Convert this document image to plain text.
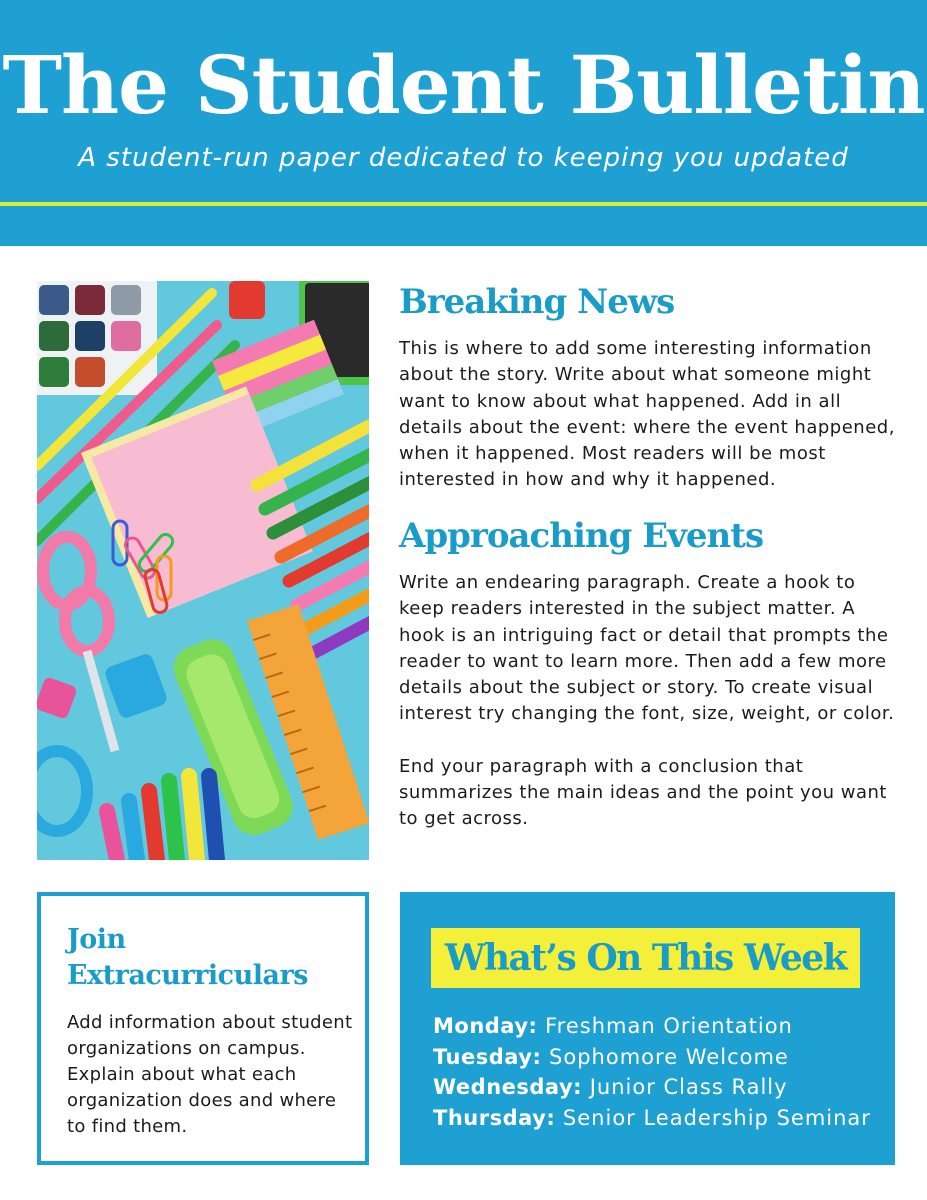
The Student Bulletin
A student-run paper dedicated to keeping you updated
Breaking News
This is where to add some interesting information about the story. Write about what someone might want to know about what happened. Add in all details about the event: where the event happened, when it happened. Most readers will be most interested in how and why it happened.
Approaching Events
Write an endearing paragraph. Create a hook to keep readers interested in the subject matter. A hook is an intriguing fact or detail that prompts the reader to want to learn more. Then add a few more details about the subject or story. To create visual interest try changing the font, size, weight, or color.
End your paragraph with a conclusion that summarizes the main ideas and the point you want to get across.
Join Extracurriculars
Add information about student organizations on campus. Explain about what each organization does and where to find them.
What’s On This Week
Monday: Freshman Orientation
Tuesday: Sophomore Welcome
Wednesday: Junior Class Rally
Thursday: Senior Leadership Seminar
